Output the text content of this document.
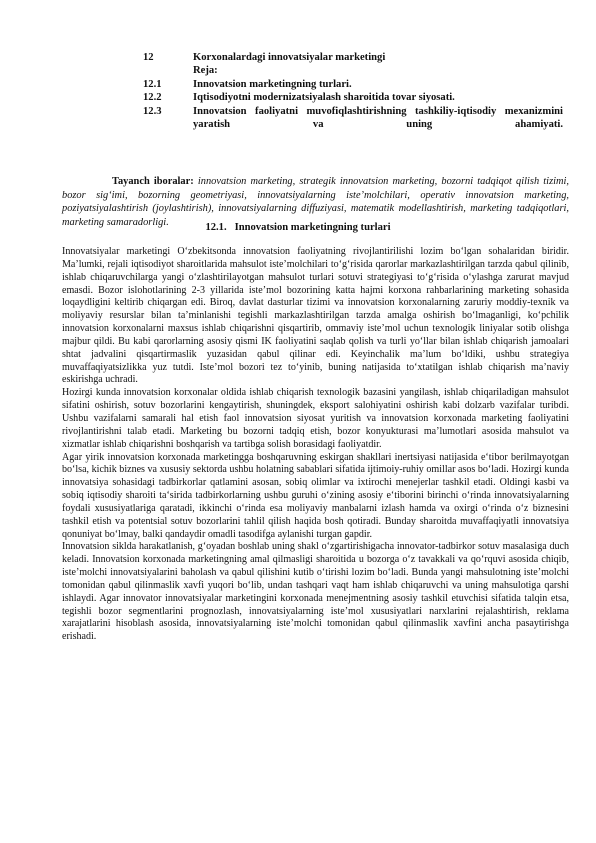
12	Korxonalardagi innovatsiyalar marketingi
Reja:
12.1	Innovatsion marketingning turlari.
12.2	Iqtisodiyotni modernizatsiyalash sharoitida tovar siyosati.
12.3	Innovatsion faoliyatni muvofiqlashtirishning tashkiliy-iqtisodiy mexanizmini yaratish va uning ahamiyati.
Tayanch iboralar: innovatsion marketing, strategik innovatsion marketing, bozorni tadqiqot qilish tizimi, bozor sig‘imi, bozorning geometriyasi, innovatsiyalarning iste’molchilari, operativ innovatsion marketing, poziyatsiyalashtirish (joylashtirish), innovatsiyalarning diffuziyasi, matematik modellashtirish, marketing tadqiqotlari, marketing samaradorligi.	12.1. Innovatsion marketingning turlari

Innovatsiyalar marketingi O‘zbekitsonda innovatsion faoliyatning rivojlantirilishi lozim bo‘lgan sohalaridan biridir. Ma’lumki, rejali iqtisodiyot sharoitlarida mahsulot iste’molchilari to‘g‘risida qarorlar markazlashtirilgan tarzda qabul qilinib, ishlab chiqaruvchilarga yangi o‘zlashtirilayotgan mahsulot turlari sotuvi strategiyasi to‘g‘risida o‘ylashga zarurat mavjud emasdi. Bozor islohotlarining 2-3 yillarida iste’mol bozorining katta hajmi korxona rahbarlarining marketing sohasida loqaydligini keltirib chiqargan edi. Biroq, davlat dasturlar tizimi va innovatsion korxonalarning zaruriy moddiy-texnik va moliyaviy resurslar bilan ta’minlanishi tegishli markazlashtirilgan tarzda amalga oshirish bo‘lmaganligi, ko‘pchilik innovatsion korxonalarni maxsus ishlab chiqarishni qisqartirib, ommaviy iste’mol uchun texnologik liniyalar sotib olishga majbur qildi. Bu kabi qarorlarning asosiy qismi IK faoliyatini saqlab qolish va turli yo‘llar bilan ishlab chiqarish jamoalari shtat jadvalini qisqartirmaslik yuzasidan qabul qilinar edi. Keyinchalik ma’lum bo‘ldiki, ushbu strategiya muvaffaqiyatsizlikka yuz tutdi. Iste’mol bozori tez to‘yinib, buning natijasida to‘xtatilgan ishlab chiqarish ma’naviy eskirishga uchradi.

Hozirgi kunda innovatsion korxonalar oldida ishlab chiqarish texnologik bazasini yangilash, ishlab chiqariladigan mahsulot sifatini oshirish, sotuv bozorlarini kengaytirish, shuningdek, eksport salohiyatini oshirish kabi dolzarb vazifalar turibdi. Ushbu vazifalarni samarali hal etish faol innovatsion siyosat yuritish va innovatsion korxonada marketing faoliyatini rivojlantirishni talab etadi. Marketing bu bozorni tadqiq etish, bozor konyukturasi ma’lumotlari asosida mahsulot va xizmatlar ishlab chiqarishni boshqarish va tartibga solish borasidagi faoliyatdir.

Agar yirik innovatsion korxonada marketingga boshqaruvning eskirgan shakllari inertsiyasi natijasida e‘tibor berilmayotgan bo‘lsa, kichik biznes va xususiy sektorda ushbu holatning sabablari sifatida ijtimoiy-ruhiy omillar asos bo‘ladi. Hozirgi kunda innovatsiya sohasidagi tadbirkorlar qatlamini asosan, sobiq olimlar va ixtirochi menejerlar tashkil etadi. Oldingi kasbi va sobiq iqtisodiy sharoiti ta‘sirida tadbirkorlarning ushbu guruhi o‘zining asosiy e‘tiborini birinchi o‘rinda innovatsiyalarning foydali xususiyatlariga qaratadi, ikkinchi o‘rinda esa moliyaviy manbalarni izlash hamda va oxirgi o‘rinda o‘z biznesini tashkil etish va potentsial sotuv bozorlarini tahlil qilish haqida bosh qotiradi. Bunday sharoitda muvaffaqiyatli innovatsiya qonuniyat bo‘lmay, balki qandaydir omadli tasodifga aylanishi turgan gapdir.

Innovatsion siklda harakatlanish, g‘oyadan boshlab uning shakl o‘zgartirishigacha innovator-tadbirkor sotuv masalasiga duch keladi. Innovatsion korxonada marketingning amal qilmasligi sharoitida u bozorga o‘z tavakkali va qo‘rquvi asosida chiqib, iste’molchi innovatsiyalarini baholash va qabul qilishini kutib o‘tirishi lozim bo‘ladi. Bunda yangi mahsulotning iste’molchi tomonidan qabul qilinmaslik xavfi yuqori bo‘lib, undan tashqari vaqt ham ishlab chiqaruvchi va uning mahsulotiga qarshi ishlaydi. Agar innovator innovatsiyalar marketingini korxonada menejmentning asosiy tashkil etuvchisi sifatida talqin etsa, tegishli bozor segmentlarini prognozlash, innovatsiyalarning iste’mol xususiyatlari narxlarini rejalashtirish, reklama xarajatlarini hisoblash asosida, innovatsiyalarning iste’molchi tomonidan qabul qilinmaslik xavfini ancha pasaytirishga erishadi.
